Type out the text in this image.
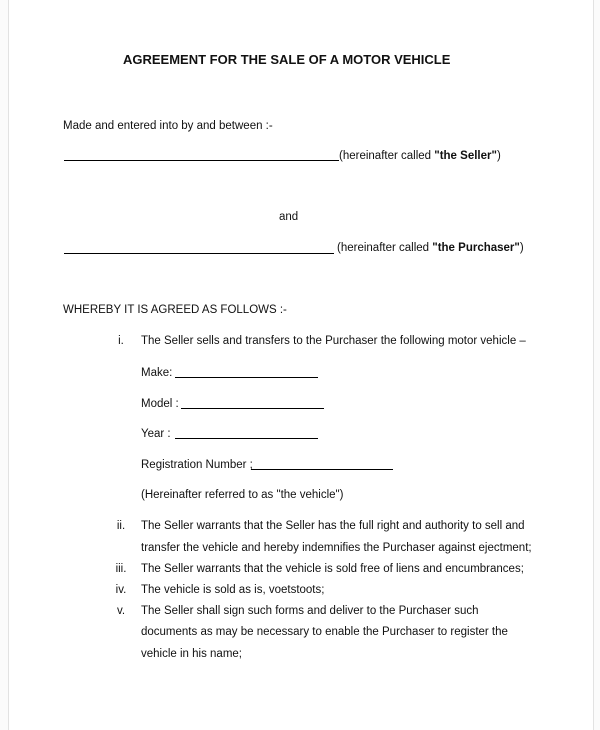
AGREEMENT FOR THE SALE OF A MOTOR VEHICLE
Made and entered into by and between :-
(hereinafter called "the Seller")
and
(hereinafter called "the Purchaser")
WHEREBY IT IS AGREED AS FOLLOWS :-
i.	The Seller sells and transfers to the Purchaser the following motor vehicle –
Make:
Model :
Year :
Registration Number ;
(Hereinafter referred to as "the vehicle")
ii.	The Seller warrants that the Seller has the full right and authority to sell and
transfer the vehicle and hereby indemnifies the Purchaser against ejectment;
iii.	The Seller warrants that the vehicle is sold free of liens and encumbrances;
iv.	The vehicle is sold as is, voetstoots;
v.	The Seller shall sign such forms and deliver to the Purchaser such
documents as may be necessary to enable the Purchaser to register the
vehicle in his name;
